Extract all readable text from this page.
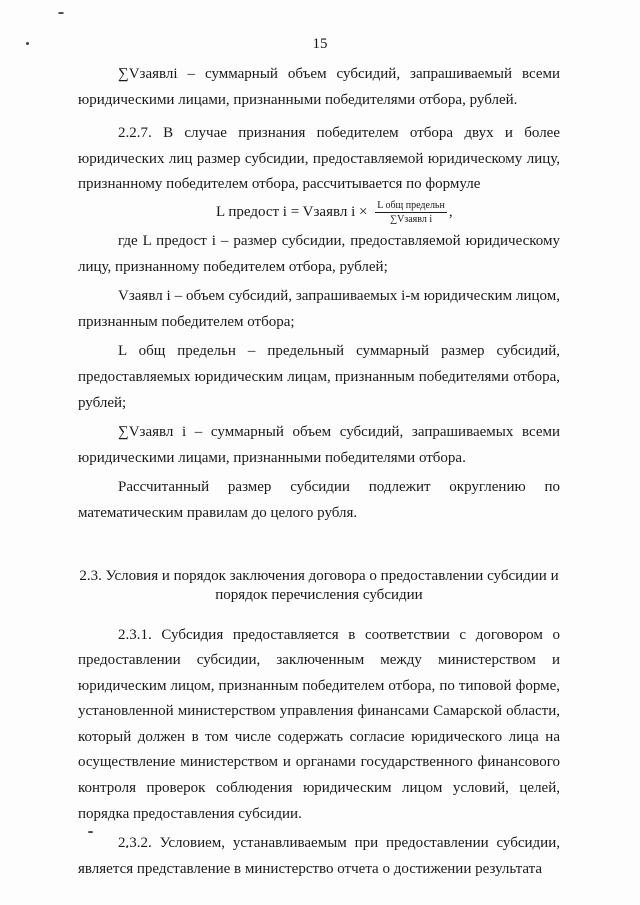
15

∑Vзаявлi – суммарный объем субсидий, запрашиваемый всеми юридическими лицами, признанными победителями отбора, рублей.

2.2.7. В случае признания победителем отбора двух и более юридических лиц размер субсидии, предоставляемой юридическому лицу, признанному победителем отбора, рассчитывается по формуле

L предост i = Vзаявл $i \times \frac{\text{L общ предельн}}{\text{∑Vзаявл i}}$ ,

где L предост i – размер субсидии, предоставляемой юридическому лицу, признанному победителем отбора, рублей;

Vзаявл i – объем субсидий, запрашиваемых i-м юридическим лицом, признанным победителем отбора;

L общ предельн – предельный суммарный размер субсидий, предоставляемых юридическим лицам, признанным победителями отбора, рублей;

∑Vзаявл i – суммарный объем субсидий, запрашиваемых всеми юридическими лицами, признанными победителями отбора.

Рассчитанный размер субсидии подлежит округлению по математическим правилам до целого рубля.

2.3. Условия и порядок заключения договора о предоставлении субсидии и
порядок перечисления субсидии

2.3.1. Субсидия предоставляется в соответствии с договором о предоставлении субсидии, заключенным между министерством и юридическим лицом, признанным победителем отбора, по типовой форме, установленной министерством управления финансами Самарской области, который должен в том числе содержать согласие юридического лица на осуществление министерством и органами государственного финансового контроля проверок соблюдения юридическим лицом условий, целей, порядка предоставления субсидии.

2.3.2. Условием, устанавливаемым при предоставлении субсидии, является представление в министерство отчета о достижении результата
